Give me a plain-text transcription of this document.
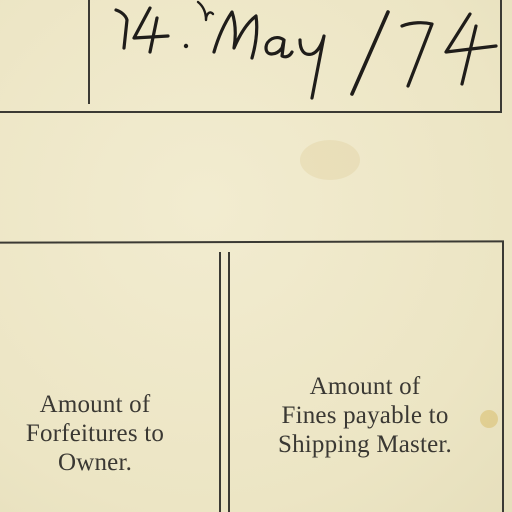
Amount of
Forfeitures to
Owner.
Amount of
Fines payable to
Shipping Master.
